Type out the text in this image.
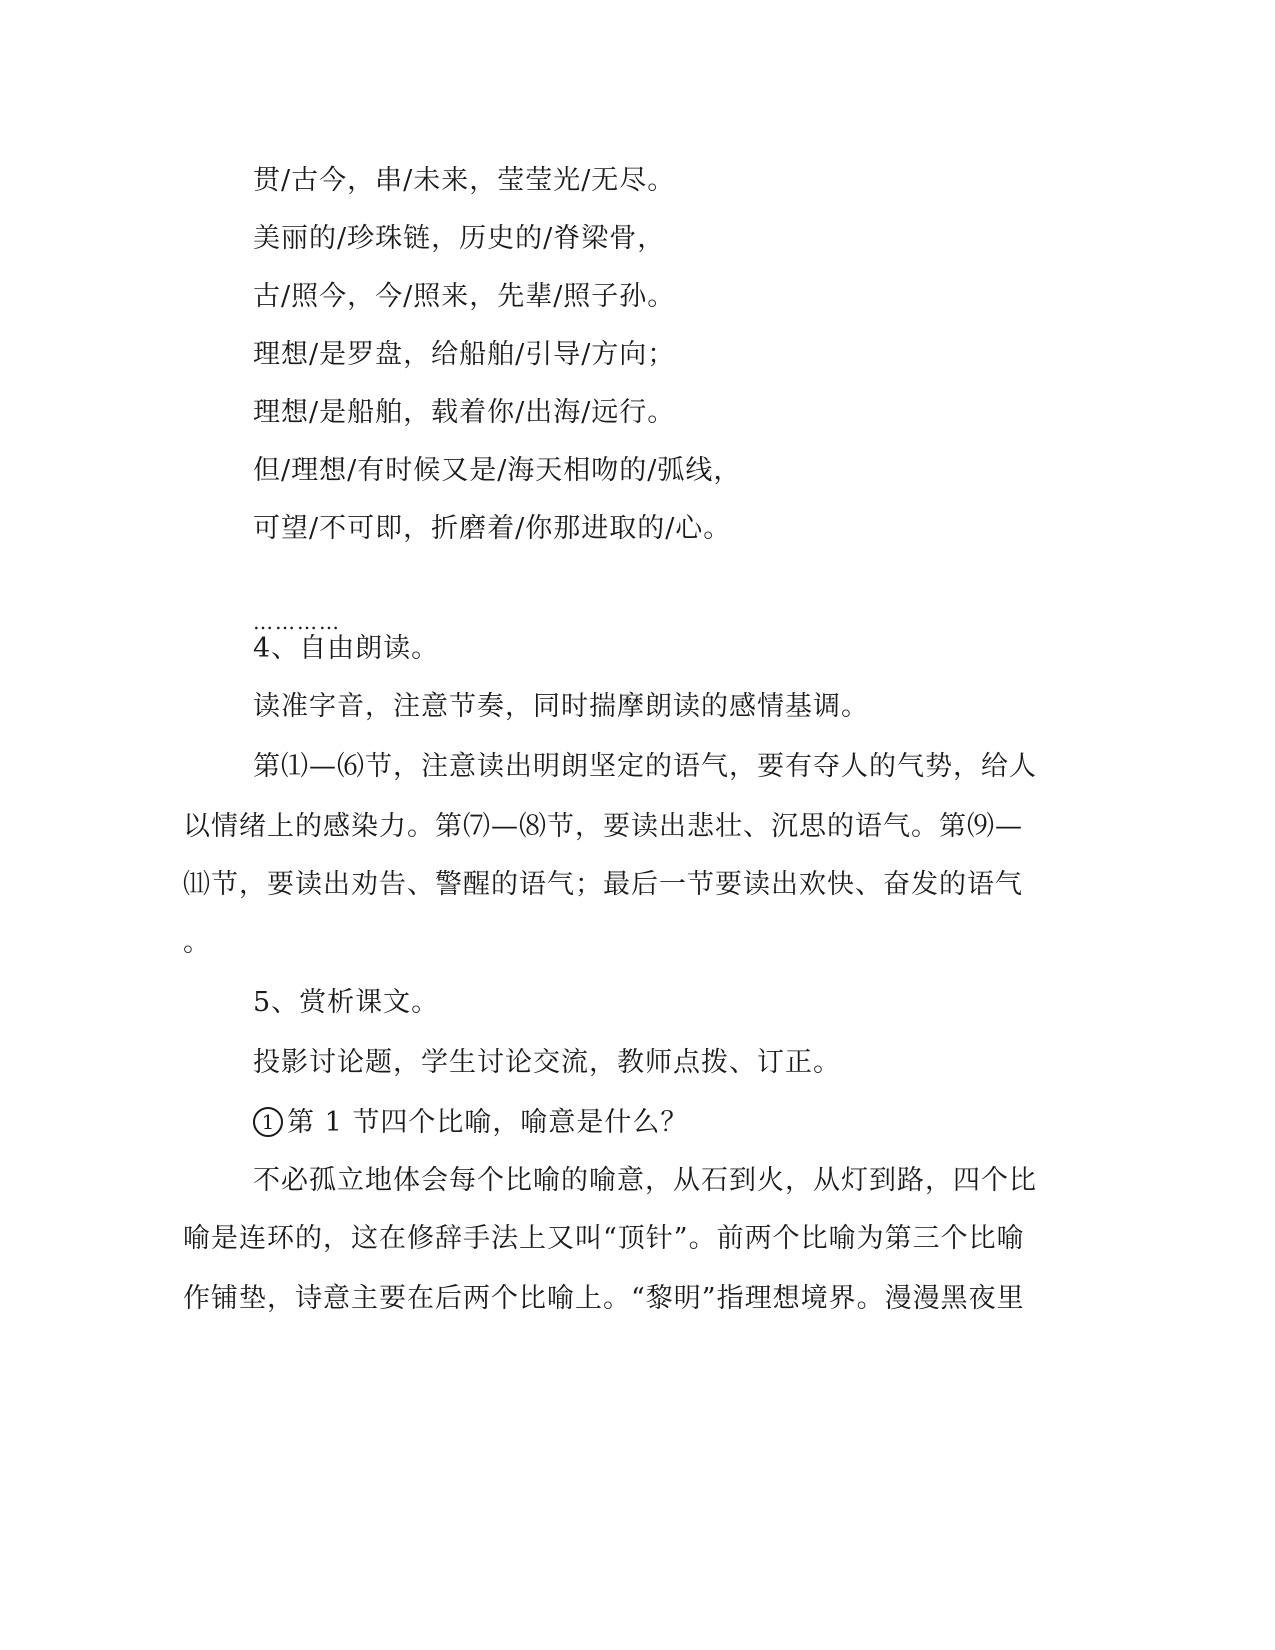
贯/古今，串/未来，莹莹光/无尽。
美丽的/珍珠链，历史的/脊梁骨，
古/照今，今/照来，先辈/照子孙。
理想/是罗盘，给船舶/引导/方向；
理想/是船舶，载着你/出海/远行。
但/理想/有时候又是/海天相吻的/弧线，
可望/不可即，折磨着/你那进取的/心。
…………
4、自由朗读。
读准字音，注意节奏，同时揣摩朗读的感情基调。
第⑴—⑹节，注意读出明朗坚定的语气，要有夺人的气势，给人
以情绪上的感染力。第⑺—⑻节，要读出悲壮、沉思的语气。第⑼—
⑾节，要读出劝告、警醒的语气；最后一节要读出欢快、奋发的语气
。
5、赏析课文。
投影讨论题，学生讨论交流，教师点拨、订正。
1 第 1 节四个比喻，喻意是什么？
不必孤立地体会每个比喻的喻意，从石到火，从灯到路，四个比
喻是连环的，这在修辞手法上又叫“顶针”。前两个比喻为第三个比喻
作铺垫，诗意主要在后两个比喻上。“黎明”指理想境界。漫漫黑夜里
